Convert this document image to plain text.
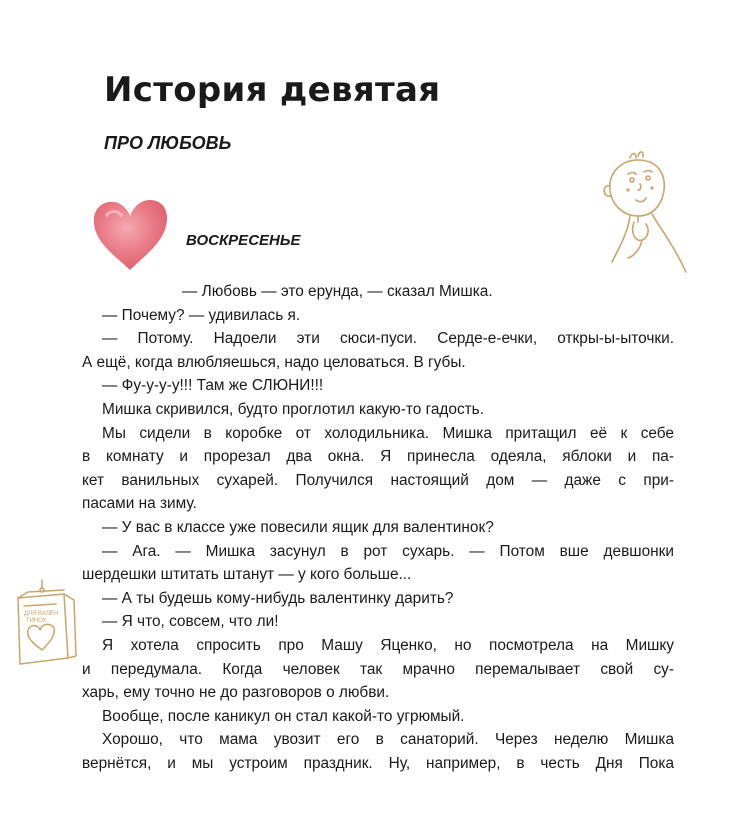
История девятая
ПРО ЛЮБОВЬ
ВОСКРЕСЕНЬЕ
ДЛЯ ВАЛЕН
ТИНОК
— Любовь — это ерунда, — сказал Мишка.
— Почему? — удивилась я.
— Потому. Надоели эти сюси-пуси. Серде-е-ечки, откры-ы-ыточки.
А ещё, когда влюбляешься, надо целоваться. В губы.
— Фу-у-у-у!!! Там же СЛЮНИ!!!
Мишка скривился, будто проглотил какую-то гадость.
Мы сидели в коробке от холодильника. Мишка притащил её к себе
в комнату и прорезал два окна. Я принесла одеяла, яблоки и па-
кет ванильных сухарей. Получился настоящий дом — даже с при-
пасами на зиму.
— У вас в классе уже повесили ящик для валентинок?
— Ага. — Мишка засунул в рот сухарь. — Потом вше девшонки
шердешки штитать штанут — у кого больше...
— А ты будешь кому-нибудь валентинку дарить?
— Я что, совсем, что ли!
Я хотела спросить про Машу Яценко, но посмотрела на Мишку
и передумала. Когда человек так мрачно перемалывает свой су-
харь, ему точно не до разговоров о любви.
Вообще, после каникул он стал какой-то угрюмый.
Хорошо, что мама увозит его в санаторий. Через неделю Мишка
вернётся, и мы устроим праздник. Ну, например, в честь Дня Пока
